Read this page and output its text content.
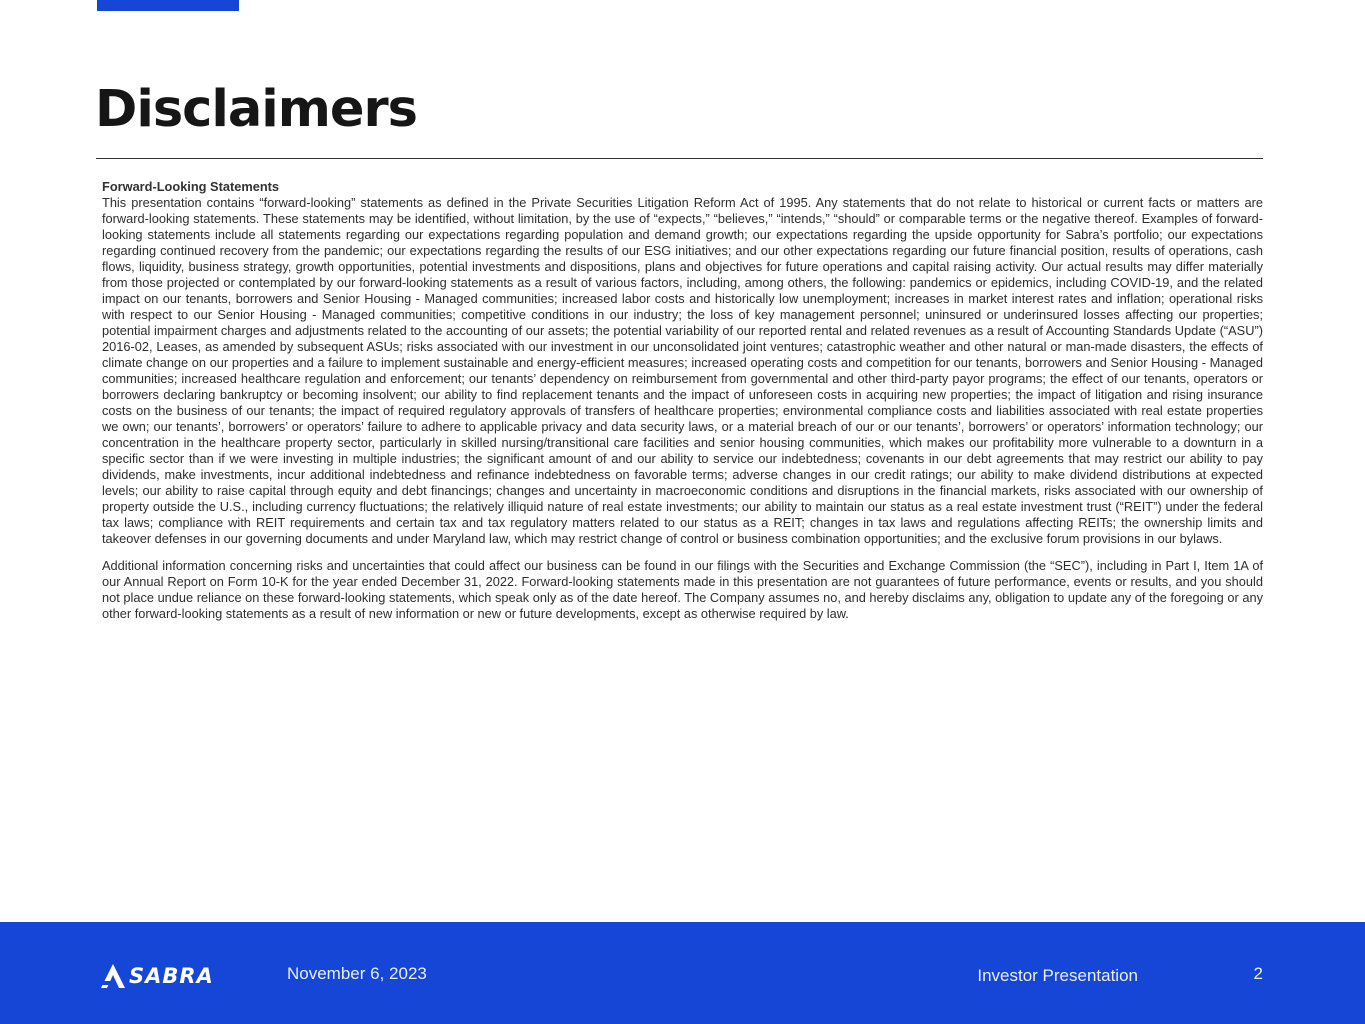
Disclaimers
Forward-Looking Statements

This presentation contains “forward-looking” statements as defined in the Private Securities Litigation Reform Act of 1995. Any statements that do not relate to historical or current facts or matters are forward-looking statements. These statements may be identified, without limitation, by the use of “expects,” “believes,” “intends,” “should” or comparable terms or the negative thereof. Examples of forward-looking statements include all statements regarding our expectations regarding population and demand growth; our expectations regarding the upside opportunity for Sabra’s portfolio; our expectations regarding continued recovery from the pandemic; our expectations regarding the results of our ESG initiatives; and our other expectations regarding our future financial position, results of operations, cash flows, liquidity, business strategy, growth opportunities, potential investments and dispositions, plans and objectives for future operations and capital raising activity. Our actual results may differ materially from those projected or contemplated by our forward-looking statements as a result of various factors, including, among others, the following: pandemics or epidemics, including COVID-19, and the related impact on our tenants, borrowers and Senior Housing - Managed communities; increased labor costs and historically low unemployment; increases in market interest rates and inflation; operational risks with respect to our Senior Housing - Managed communities; competitive conditions in our industry; the loss of key management personnel; uninsured or underinsured losses affecting our properties; potential impairment charges and adjustments related to the accounting of our assets; the potential variability of our reported rental and related revenues as a result of Accounting Standards Update (“ASU”) 2016-02, Leases, as amended by subsequent ASUs; risks associated with our investment in our unconsolidated joint ventures; catastrophic weather and other natural or man-made disasters, the effects of climate change on our properties and a failure to implement sustainable and energy-efficient measures; increased operating costs and competition for our tenants, borrowers and Senior Housing - Managed communities; increased healthcare regulation and enforcement; our tenants’ dependency on reimbursement from governmental and other third-party payor programs; the effect of our tenants, operators or borrowers declaring bankruptcy or becoming insolvent; our ability to find replacement tenants and the impact of unforeseen costs in acquiring new properties; the impact of litigation and rising insurance costs on the business of our tenants; the impact of required regulatory approvals of transfers of healthcare properties; environmental compliance costs and liabilities associated with real estate properties we own; our tenants’, borrowers’ or operators’ failure to adhere to applicable privacy and data security laws, or a material breach of our or our tenants’, borrowers’ or operators’ information technology; our concentration in the healthcare property sector, particularly in skilled nursing/transitional care facilities and senior housing communities, which makes our profitability more vulnerable to a downturn in a specific sector than if we were investing in multiple industries; the significant amount of and our ability to service our indebtedness; covenants in our debt agreements that may restrict our ability to pay dividends, make investments, incur additional indebtedness and refinance indebtedness on favorable terms; adverse changes in our credit ratings; our ability to make dividend distributions at expected levels; our ability to raise capital through equity and debt financings; changes and uncertainty in macroeconomic conditions and disruptions in the financial markets, risks associated with our ownership of property outside the U.S., including currency fluctuations; the relatively illiquid nature of real estate investments; our ability to maintain our status as a real estate investment trust (“REIT”) under the federal tax laws; compliance with REIT requirements and certain tax and tax regulatory matters related to our status as a REIT; changes in tax laws and regulations affecting REITs; the ownership limits and takeover defenses in our governing documents and under Maryland law, which may restrict change of control or business combination opportunities; and the exclusive forum provisions in our bylaws.

Additional information concerning risks and uncertainties that could affect our business can be found in our filings with the Securities and Exchange Commission (the “SEC”), including in Part I, Item 1A of our Annual Report on Form 10-K for the year ended December 31, 2022. Forward-looking statements made in this presentation are not guarantees of future performance, events or results, and you should not place undue reliance on these forward-looking statements, which speak only as of the date hereof. The Company assumes no, and hereby disclaims any, obligation to update any of the foregoing or any other forward-looking statements as a result of new information or new or future developments, except as otherwise required by law.

SABRA	November 6, 2023	Investor Presentation	2
